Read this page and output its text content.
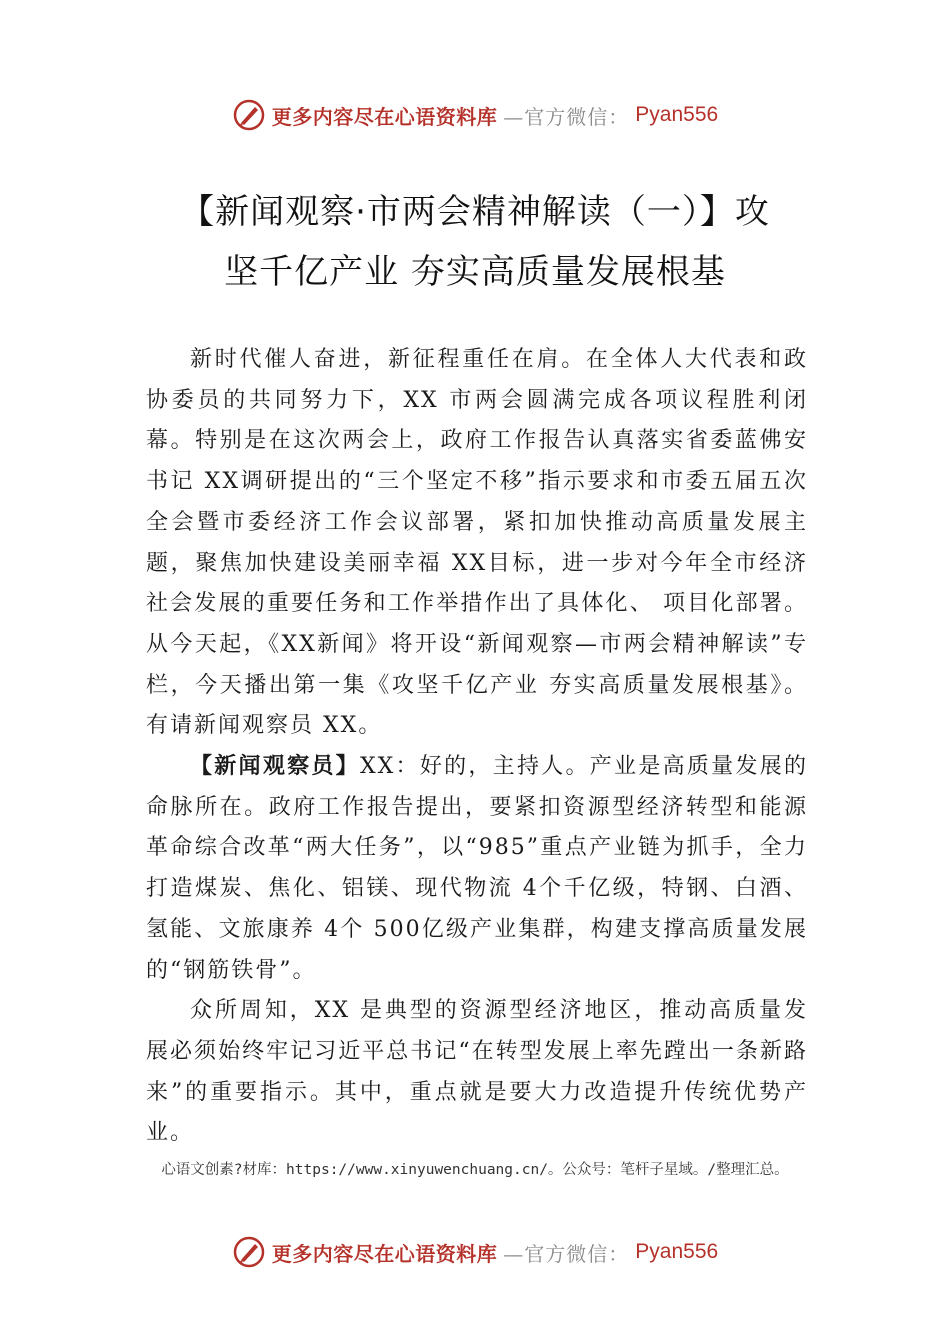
更多内容尽在心语资料库 —官方微信： Pyan556
【新闻观察·市两会精神解读（一）】攻
坚千亿产业 夯实高质量发展根基

新时代催人奋进，新征程重任在肩。在全体人大代表和政协委员的共同努力下，XX 市两会圆满完成各项议程胜利闭幕。特别是在这次两会上，政府工作报告认真落实省委蓝佛安书记 XX调研提出的“三个坚定不移”指示要求和市委五届五次全会暨市委经济工作会议部署，紧扣加快推动高质量发展主题，聚焦加快建设美丽幸福 XX目标，进一步对今年全市经济社会发展的重要任务和工作举措作出了具体化、 项目化部署。从今天起，《XX新闻》将开设“新闻观察—市两会精神解读”专栏，今天播出第一集《攻坚千亿产业 夯实高质量发展根基》。有请新闻观察员 XX。

【新闻观察员】XX：好的，主持人。产业是高质量发展的命脉所在。政府工作报告提出，要紧扣资源型经济转型和能源革命综合改革“两大任务”，以“985”重点产业链为抓手，全力打造煤炭、焦化、铝镁、现代物流 4个千亿级，特钢、白酒、氢能、文旅康养 4个 500亿级产业集群，构建支撑高质量发展的“钢筋铁骨”。

众所周知，XX 是典型的资源型经济地区，推动高质量发展必须始终牢记习近平总书记“在转型发展上率先蹚出一条新路来”的重要指示。其中，重点就是要大力改造提升传统优势产业。

心语文创素?材库：https://www.xinyuwenchuang.cn/。公众号：笔杆子星域。/整理汇总。
更多内容尽在心语资料库 —官方微信： Pyan556
